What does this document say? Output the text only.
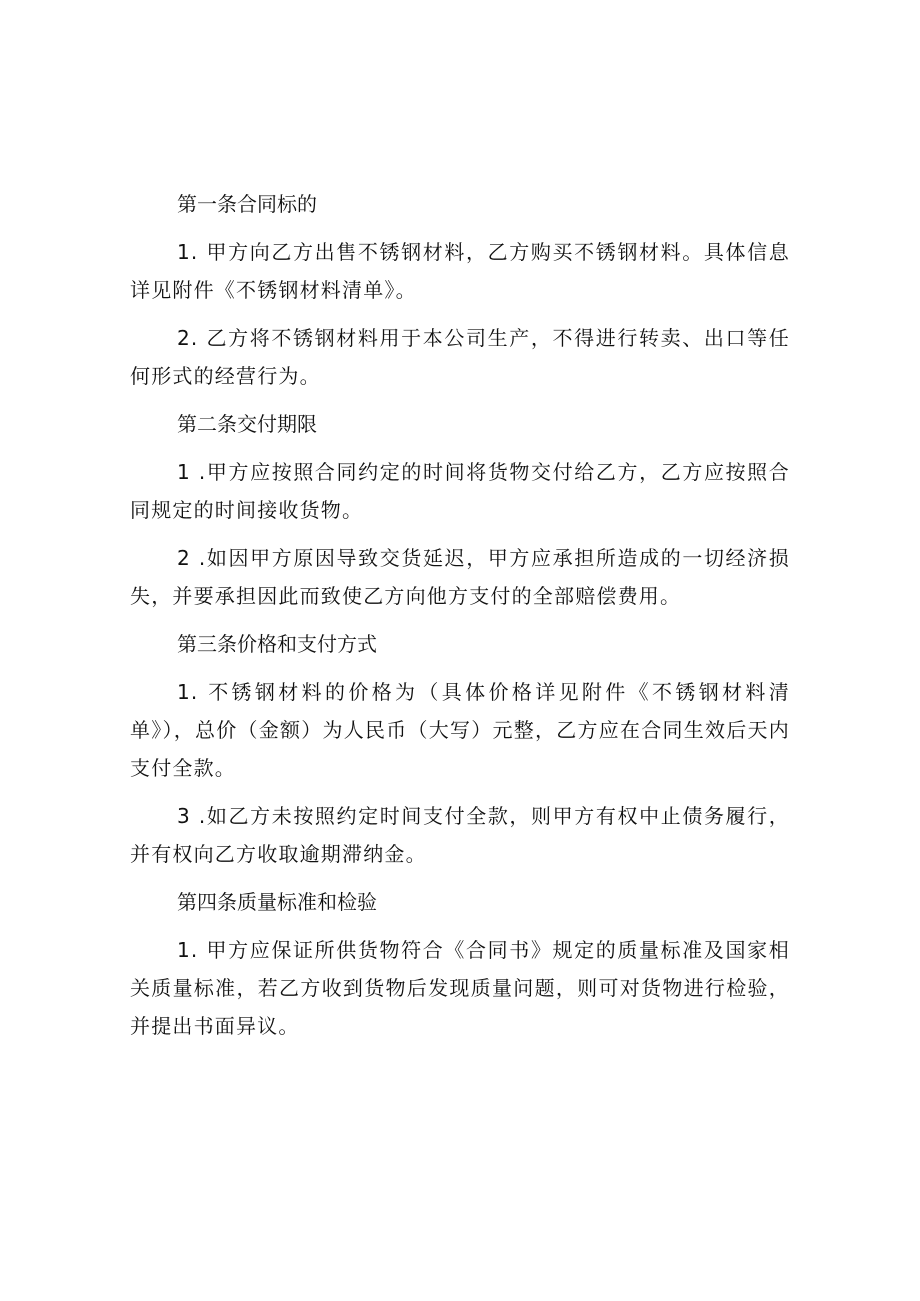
第一条合同标的

1. 甲方向乙方出售不锈钢材料，乙方购买不锈钢材料。具体信息详见附件《不锈钢材料清单》。

2. 乙方将不锈钢材料用于本公司生产，不得进行转卖、出口等任何形式的经营行为。

第二条交付期限

1 .甲方应按照合同约定的时间将货物交付给乙方，乙方应按照合同规定的时间接收货物。

2 .如因甲方原因导致交货延迟，甲方应承担所造成的一切经济损失，并要承担因此而致使乙方向他方支付的全部赔偿费用。

第三条价格和支付方式

1. 不锈钢材料的价格为（具体价格详见附件《不锈钢材料清单》），总价（金额）为人民币（大写）元整，乙方应在合同生效后天内支付全款。

3 .如乙方未按照约定时间支付全款，则甲方有权中止债务履行，并有权向乙方收取逾期滞纳金。

第四条质量标准和检验

1. 甲方应保证所供货物符合《合同书》规定的质量标准及国家相关质量标准，若乙方收到货物后发现质量问题，则可对货物进行检验，并提出书面异议。
